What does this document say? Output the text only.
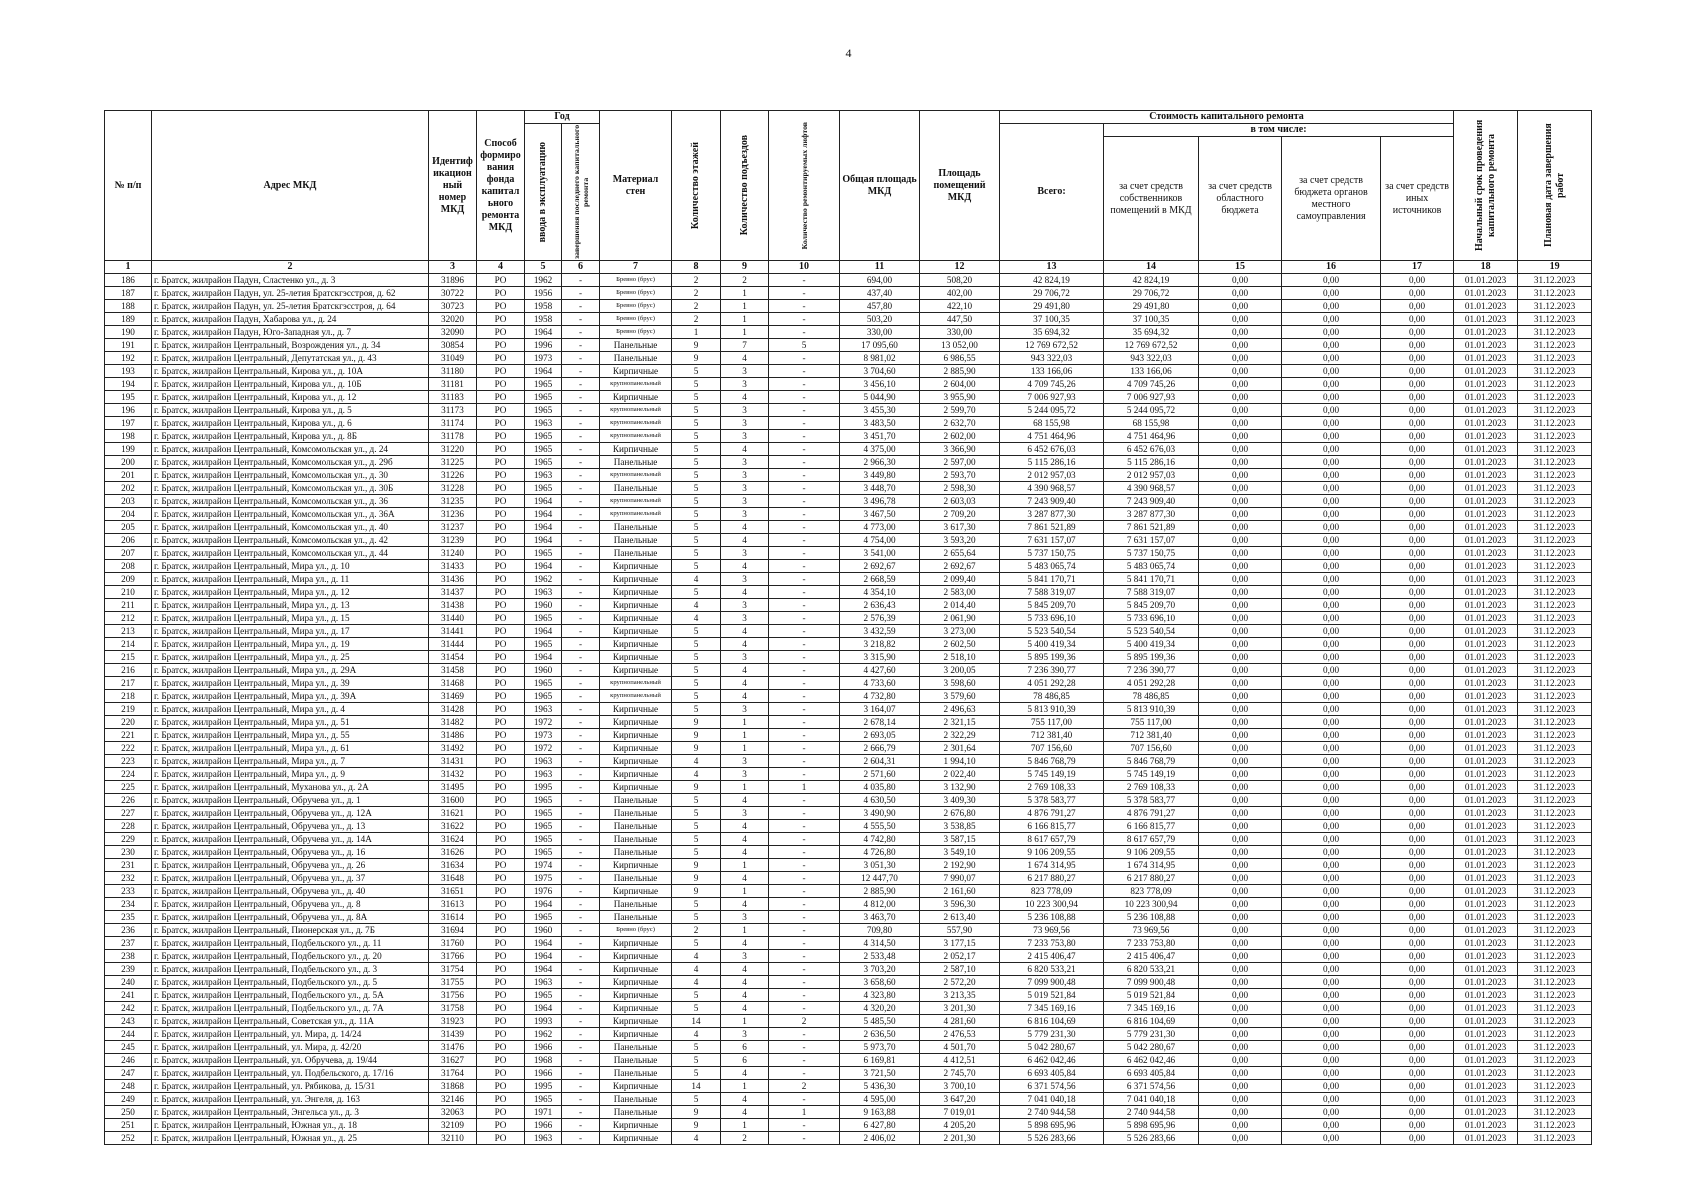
4
№ п/п	Адрес МКД	Идентиф икацион ный номер МКД	Способ формиро вания фонда капитал ьного ремонта МКД	Год		Материал стен	Количество этажей	Количество подъездов	Количество ремонтируемых лифтов	Общая площадь МКД	Площадь помещений МКД	Стоимость капитального ремонта					Начальный срок проведения капитального ремонта	Плановая дата завершения работ

				ввода в эксплуатацию	завершения последнего капитального ремонта							Всего:	в том числе:					
													за счет средств собственников помещений в МКД	за счет средств областного бюджета	за счет средств бюджета органов местного самоуправления	за счет средств иных источников		
1	2	3	4	5	6	7	8	9	10	11	12	13	14	15	16	17	18	19
186	г. Братск, жилрайон Падун, Сластенко ул., д. 3	31896	РО	1962	-	Бревно (брус)	2	2	-	694,00	508,20	42 824,19	42 824,19	0,00	0,00	0,00	01.01.2023	31.12.2023
187	г. Братск, жилрайон Падун, ул. 25-летия Братскгэсстроя, д. 62	30722	РО	1956	-	Бревно (брус)	2	1	-	437,40	402,00	29 706,72	29 706,72	0,00	0,00	0,00	01.01.2023	31.12.2023
188	г. Братск, жилрайон Падун, ул. 25-летия Братскгэсстроя, д. 64	30723	РО	1958	-	Бревно (брус)	2	1	-	457,80	422,10	29 491,80	29 491,80	0,00	0,00	0,00	01.01.2023	31.12.2023
189	г. Братск, жилрайон Падун, Хабарова ул., д. 24	32020	РО	1958	-	Бревно (брус)	2	1	-	503,20	447,50	37 100,35	37 100,35	0,00	0,00	0,00	01.01.2023	31.12.2023
190	г. Братск, жилрайон Падун, Юго-Западная ул., д. 7	32090	РО	1964	-	Бревно (брус)	1	1	-	330,00	330,00	35 694,32	35 694,32	0,00	0,00	0,00	01.01.2023	31.12.2023
191	г. Братск, жилрайон Центральный, Возрождения ул., д. 34	30854	РО	1996	-	Панельные	9	7	5	17 095,60	13 052,00	12 769 672,52	12 769 672,52	0,00	0,00	0,00	01.01.2023	31.12.2023
192	г. Братск, жилрайон Центральный, Депутатская ул., д. 43	31049	РО	1973	-	Панельные	9	4	-	8 981,02	6 986,55	943 322,03	943 322,03	0,00	0,00	0,00	01.01.2023	31.12.2023
193	г. Братск, жилрайон Центральный, Кирова ул., д. 10А	31180	РО	1964	-	Кирпичные	5	3	-	3 704,60	2 885,90	133 166,06	133 166,06	0,00	0,00	0,00	01.01.2023	31.12.2023
194	г. Братск, жилрайон Центральный, Кирова ул., д. 10Б	31181	РО	1965	-	крупнопанельный	5	3	-	3 456,10	2 604,00	4 709 745,26	4 709 745,26	0,00	0,00	0,00	01.01.2023	31.12.2023
195	г. Братск, жилрайон Центральный, Кирова ул., д. 12	31183	РО	1965	-	Кирпичные	5	4	-	5 044,90	3 955,90	7 006 927,93	7 006 927,93	0,00	0,00	0,00	01.01.2023	31.12.2023
196	г. Братск, жилрайон Центральный, Кирова ул., д. 5	31173	РО	1965	-	крупнопанельный	5	3	-	3 455,30	2 599,70	5 244 095,72	5 244 095,72	0,00	0,00	0,00	01.01.2023	31.12.2023
197	г. Братск, жилрайон Центральный, Кирова ул., д. 6	31174	РО	1963	-	крупнопанельный	5	3	-	3 483,50	2 632,70	68 155,98	68 155,98	0,00	0,00	0,00	01.01.2023	31.12.2023
198	г. Братск, жилрайон Центральный, Кирова ул., д. 8Б	31178	РО	1965	-	крупнопанельный	5	3	-	3 451,70	2 602,00	4 751 464,96	4 751 464,96	0,00	0,00	0,00	01.01.2023	31.12.2023
199	г. Братск, жилрайон Центральный, Комсомольская ул., д. 24	31220	РО	1965	-	Кирпичные	5	4	-	4 375,00	3 366,90	6 452 676,03	6 452 676,03	0,00	0,00	0,00	01.01.2023	31.12.2023
200	г. Братск, жилрайон Центральный, Комсомольская ул., д. 29б	31225	РО	1965	-	Панельные	5	3	-	2 966,30	2 597,00	5 115 286,16	5 115 286,16	0,00	0,00	0,00	01.01.2023	31.12.2023
201	г. Братск, жилрайон Центральный, Комсомольская ул., д. 30	31226	РО	1963	-	крупнопанельный	5	3	-	3 449,80	2 593,70	2 012 957,03	2 012 957,03	0,00	0,00	0,00	01.01.2023	31.12.2023
202	г. Братск, жилрайон Центральный, Комсомольская ул., д. 30Б	31228	РО	1965	-	Панельные	5	3	-	3 448,70	2 598,30	4 390 968,57	4 390 968,57	0,00	0,00	0,00	01.01.2023	31.12.2023
203	г. Братск, жилрайон Центральный, Комсомольская ул., д. 36	31235	РО	1964	-	крупнопанельный	5	3	-	3 496,78	2 603,03	7 243 909,40	7 243 909,40	0,00	0,00	0,00	01.01.2023	31.12.2023
204	г. Братск, жилрайон Центральный, Комсомольская ул., д. 36А	31236	РО	1964	-	крупнопанельный	5	3	-	3 467,50	2 709,20	3 287 877,30	3 287 877,30	0,00	0,00	0,00	01.01.2023	31.12.2023
205	г. Братск, жилрайон Центральный, Комсомольская ул., д. 40	31237	РО	1964	-	Панельные	5	4	-	4 773,00	3 617,30	7 861 521,89	7 861 521,89	0,00	0,00	0,00	01.01.2023	31.12.2023
206	г. Братск, жилрайон Центральный, Комсомольская ул., д. 42	31239	РО	1964	-	Панельные	5	4	-	4 754,00	3 593,20	7 631 157,07	7 631 157,07	0,00	0,00	0,00	01.01.2023	31.12.2023
207	г. Братск, жилрайон Центральный, Комсомольская ул., д. 44	31240	РО	1965	-	Панельные	5	3	-	3 541,00	2 655,64	5 737 150,75	5 737 150,75	0,00	0,00	0,00	01.01.2023	31.12.2023
208	г. Братск, жилрайон Центральный, Мира ул., д. 10	31433	РО	1964	-	Кирпичные	5	4	-	2 692,67	2 692,67	5 483 065,74	5 483 065,74	0,00	0,00	0,00	01.01.2023	31.12.2023
209	г. Братск, жилрайон Центральный, Мира ул., д. 11	31436	РО	1962	-	Кирпичные	4	3	-	2 668,59	2 099,40	5 841 170,71	5 841 170,71	0,00	0,00	0,00	01.01.2023	31.12.2023
210	г. Братск, жилрайон Центральный, Мира ул., д. 12	31437	РО	1963	-	Кирпичные	5	4	-	4 354,10	2 583,00	7 588 319,07	7 588 319,07	0,00	0,00	0,00	01.01.2023	31.12.2023
211	г. Братск, жилрайон Центральный, Мира ул., д. 13	31438	РО	1960	-	Кирпичные	4	3	-	2 636,43	2 014,40	5 845 209,70	5 845 209,70	0,00	0,00	0,00	01.01.2023	31.12.2023
212	г. Братск, жилрайон Центральный, Мира ул., д. 15	31440	РО	1965	-	Кирпичные	4	3	-	2 576,39	2 061,90	5 733 696,10	5 733 696,10	0,00	0,00	0,00	01.01.2023	31.12.2023
213	г. Братск, жилрайон Центральный, Мира ул., д. 17	31441	РО	1964	-	Кирпичные	5	4	-	3 432,59	3 273,00	5 523 540,54	5 523 540,54	0,00	0,00	0,00	01.01.2023	31.12.2023
214	г. Братск, жилрайон Центральный, Мира ул., д. 19	31444	РО	1965	-	Кирпичные	5	4	-	3 218,82	2 602,50	5 400 419,34	5 400 419,34	0,00	0,00	0,00	01.01.2023	31.12.2023
215	г. Братск, жилрайон Центральный, Мира ул., д. 25	31454	РО	1964	-	Кирпичные	5	3	-	3 315,90	2 518,10	5 895 199,36	5 895 199,36	0,00	0,00	0,00	01.01.2023	31.12.2023
216	г. Братск, жилрайон Центральный, Мира ул., д. 29А	31458	РО	1960	-	Кирпичные	5	4	-	4 427,60	3 200,05	7 236 390,77	7 236 390,77	0,00	0,00	0,00	01.01.2023	31.12.2023
217	г. Братск, жилрайон Центральный, Мира ул., д. 39	31468	РО	1965	-	крупнопанельный	5	4	-	4 733,60	3 598,60	4 051 292,28	4 051 292,28	0,00	0,00	0,00	01.01.2023	31.12.2023
218	г. Братск, жилрайон Центральный, Мира ул., д. 39А	31469	РО	1965	-	крупнопанельный	5	4	-	4 732,80	3 579,60	78 486,85	78 486,85	0,00	0,00	0,00	01.01.2023	31.12.2023
219	г. Братск, жилрайон Центральный, Мира ул., д. 4	31428	РО	1963	-	Кирпичные	5	3	-	3 164,07	2 496,63	5 813 910,39	5 813 910,39	0,00	0,00	0,00	01.01.2023	31.12.2023
220	г. Братск, жилрайон Центральный, Мира ул., д. 51	31482	РО	1972	-	Кирпичные	9	1	-	2 678,14	2 321,15	755 117,00	755 117,00	0,00	0,00	0,00	01.01.2023	31.12.2023
221	г. Братск, жилрайон Центральный, Мира ул., д. 55	31486	РО	1973	-	Кирпичные	9	1	-	2 693,05	2 322,29	712 381,40	712 381,40	0,00	0,00	0,00	01.01.2023	31.12.2023
222	г. Братск, жилрайон Центральный, Мира ул., д. 61	31492	РО	1972	-	Кирпичные	9	1	-	2 666,79	2 301,64	707 156,60	707 156,60	0,00	0,00	0,00	01.01.2023	31.12.2023
223	г. Братск, жилрайон Центральный, Мира ул., д. 7	31431	РО	1963	-	Кирпичные	4	3	-	2 604,31	1 994,10	5 846 768,79	5 846 768,79	0,00	0,00	0,00	01.01.2023	31.12.2023
224	г. Братск, жилрайон Центральный, Мира ул., д. 9	31432	РО	1963	-	Кирпичные	4	3	-	2 571,60	2 022,40	5 745 149,19	5 745 149,19	0,00	0,00	0,00	01.01.2023	31.12.2023
225	г. Братск, жилрайон Центральный, Муханова ул., д. 2А	31495	РО	1995	-	Кирпичные	9	1	1	4 035,80	3 132,90	2 769 108,33	2 769 108,33	0,00	0,00	0,00	01.01.2023	31.12.2023
226	г. Братск, жилрайон Центральный, Обручева ул., д. 1	31600	РО	1965	-	Панельные	5	4	-	4 630,50	3 409,30	5 378 583,77	5 378 583,77	0,00	0,00	0,00	01.01.2023	31.12.2023
227	г. Братск, жилрайон Центральный, Обручева ул., д. 12А	31621	РО	1965	-	Панельные	5	3	-	3 490,90	2 676,80	4 876 791,27	4 876 791,27	0,00	0,00	0,00	01.01.2023	31.12.2023
228	г. Братск, жилрайон Центральный, Обручева ул., д. 13	31622	РО	1965	-	Панельные	5	4	-	4 555,50	3 538,85	6 166 815,77	6 166 815,77	0,00	0,00	0,00	01.01.2023	31.12.2023
229	г. Братск, жилрайон Центральный, Обручева ул., д. 14А	31624	РО	1965	-	Панельные	5	4	-	4 742,80	3 587,15	8 617 657,79	8 617 657,79	0,00	0,00	0,00	01.01.2023	31.12.2023
230	г. Братск, жилрайон Центральный, Обручева ул., д. 16	31626	РО	1965	-	Панельные	5	4	-	4 726,80	3 549,10	9 106 209,55	9 106 209,55	0,00	0,00	0,00	01.01.2023	31.12.2023
231	г. Братск, жилрайон Центральный, Обручева ул., д. 26	31634	РО	1974	-	Кирпичные	9	1	-	3 051,30	2 192,90	1 674 314,95	1 674 314,95	0,00	0,00	0,00	01.01.2023	31.12.2023
232	г. Братск, жилрайон Центральный, Обручева ул., д. 37	31648	РО	1975	-	Панельные	9	4	-	12 447,70	7 990,07	6 217 880,27	6 217 880,27	0,00	0,00	0,00	01.01.2023	31.12.2023
233	г. Братск, жилрайон Центральный, Обручева ул., д. 40	31651	РО	1976	-	Кирпичные	9	1	-	2 885,90	2 161,60	823 778,09	823 778,09	0,00	0,00	0,00	01.01.2023	31.12.2023
234	г. Братск, жилрайон Центральный, Обручева ул., д. 8	31613	РО	1964	-	Панельные	5	4	-	4 812,00	3 596,30	10 223 300,94	10 223 300,94	0,00	0,00	0,00	01.01.2023	31.12.2023
235	г. Братск, жилрайон Центральный, Обручева ул., д. 8А	31614	РО	1965	-	Панельные	5	3	-	3 463,70	2 613,40	5 236 108,88	5 236 108,88	0,00	0,00	0,00	01.01.2023	31.12.2023
236	г. Братск, жилрайон Центральный, Пионерская ул., д. 7Б	31694	РО	1960	-	Бревно (брус)	2	1	-	709,80	557,90	73 969,56	73 969,56	0,00	0,00	0,00	01.01.2023	31.12.2023
237	г. Братск, жилрайон Центральный, Подбельского ул., д. 11	31760	РО	1964	-	Кирпичные	5	4	-	4 314,50	3 177,15	7 233 753,80	7 233 753,80	0,00	0,00	0,00	01.01.2023	31.12.2023
238	г. Братск, жилрайон Центральный, Подбельского ул., д. 20	31766	РО	1964	-	Кирпичные	4	3	-	2 533,48	2 052,17	2 415 406,47	2 415 406,47	0,00	0,00	0,00	01.01.2023	31.12.2023
239	г. Братск, жилрайон Центральный, Подбельского ул., д. 3	31754	РО	1964	-	Кирпичные	4	4	-	3 703,20	2 587,10	6 820 533,21	6 820 533,21	0,00	0,00	0,00	01.01.2023	31.12.2023
240	г. Братск, жилрайон Центральный, Подбельского ул., д. 5	31755	РО	1963	-	Кирпичные	4	4	-	3 658,60	2 572,20	7 099 900,48	7 099 900,48	0,00	0,00	0,00	01.01.2023	31.12.2023
241	г. Братск, жилрайон Центральный, Подбельского ул., д. 5А	31756	РО	1965	-	Кирпичные	5	4	-	4 323,80	3 213,35	5 019 521,84	5 019 521,84	0,00	0,00	0,00	01.01.2023	31.12.2023
242	г. Братск, жилрайон Центральный, Подбельского ул., д. 7А	31758	РО	1964	-	Кирпичные	5	4	-	4 320,20	3 201,30	7 345 169,16	7 345 169,16	0,00	0,00	0,00	01.01.2023	31.12.2023
243	г. Братск, жилрайон Центральный, Советская ул., д. 11А	31923	РО	1993	-	Кирпичные	14	1	2	5 485,50	4 281,60	6 816 104,69	6 816 104,69	0,00	0,00	0,00	01.01.2023	31.12.2023
244	г. Братск, жилрайон Центральный, ул. Мира, д. 14/24	31439	РО	1962	-	Кирпичные	4	3	-	2 636,50	2 476,53	5 779 231,30	5 779 231,30	0,00	0,00	0,00	01.01.2023	31.12.2023
245	г. Братск, жилрайон Центральный, ул. Мира, д. 42/20	31476	РО	1966	-	Панельные	5	6	-	5 973,70	4 501,70	5 042 280,67	5 042 280,67	0,00	0,00	0,00	01.01.2023	31.12.2023
246	г. Братск, жилрайон Центральный, ул. Обручева, д. 19/44	31627	РО	1968	-	Панельные	5	6	-	6 169,81	4 412,51	6 462 042,46	6 462 042,46	0,00	0,00	0,00	01.01.2023	31.12.2023
247	г. Братск, жилрайон Центральный, ул. Подбельского, д. 17/16	31764	РО	1966	-	Панельные	5	4	-	3 721,50	2 745,70	6 693 405,84	6 693 405,84	0,00	0,00	0,00	01.01.2023	31.12.2023
248	г. Братск, жилрайон Центральный, ул. Рябикова, д. 15/31	31868	РО	1995	-	Кирпичные	14	1	2	5 436,30	3 700,10	6 371 574,56	6 371 574,56	0,00	0,00	0,00	01.01.2023	31.12.2023
249	г. Братск, жилрайон Центральный, ул. Энгеля, д. 163	32146	РО	1965	-	Панельные	5	4	-	4 595,00	3 647,20	7 041 040,18	7 041 040,18	0,00	0,00	0,00	01.01.2023	31.12.2023
250	г. Братск, жилрайон Центральный, Энгельса ул., д. 3	32063	РО	1971	-	Панельные	9	4	1	9 163,88	7 019,01	2 740 944,58	2 740 944,58	0,00	0,00	0,00	01.01.2023	31.12.2023
251	г. Братск, жилрайон Центральный, Южная ул., д. 18	32109	РО	1966	-	Кирпичные	9	1	-	6 427,80	4 205,20	5 898 695,96	5 898 695,96	0,00	0,00	0,00	01.01.2023	31.12.2023
252	г. Братск, жилрайон Центральный, Южная ул., д. 25	32110	РО	1963	-	Кирпичные	4	2	-	2 406,02	2 201,30	5 526 283,66	5 526 283,66	0,00	0,00	0,00	01.01.2023	31.12.2023
